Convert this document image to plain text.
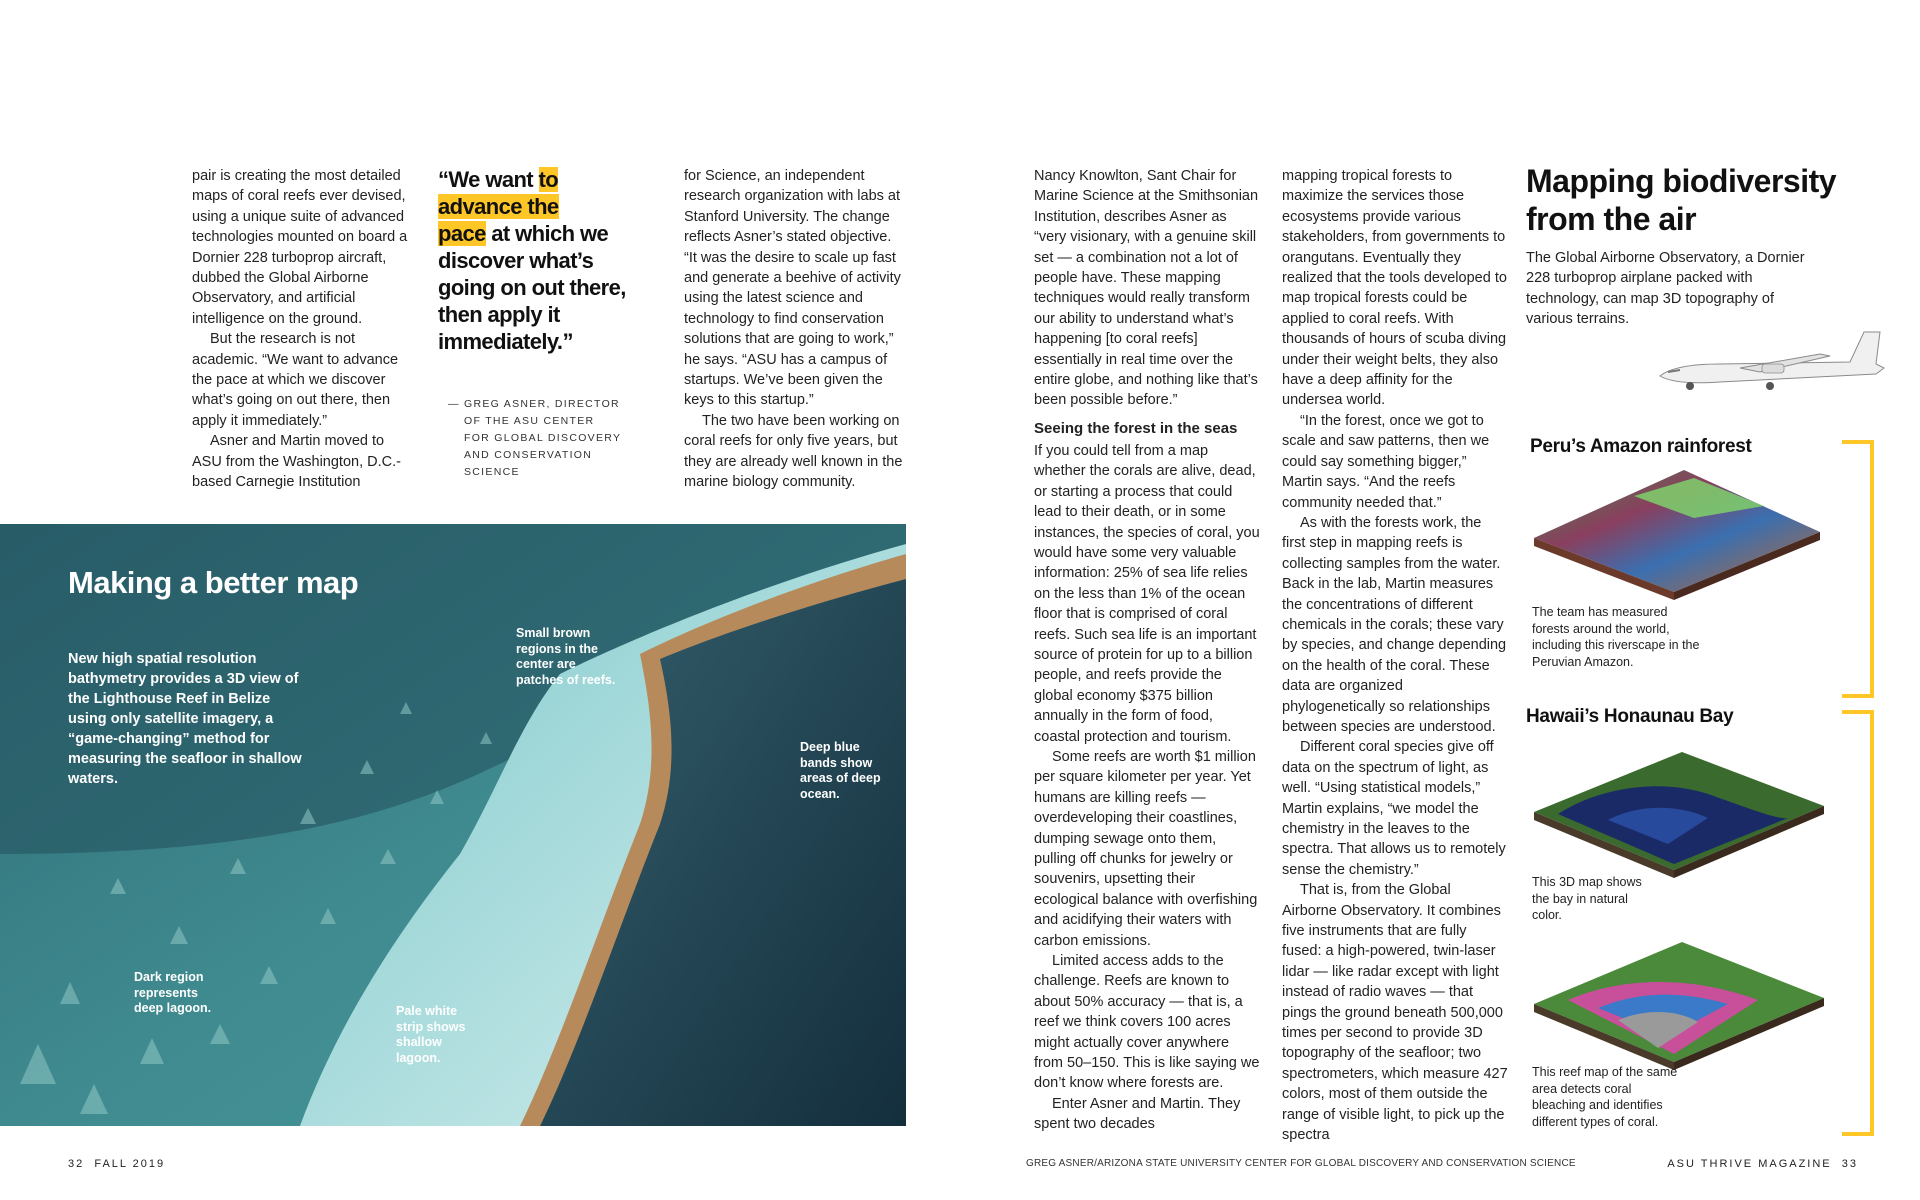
pair is creating the most detailed maps of coral reefs ever devised, using a unique suite of advanced technologies mounted on board a Dornier 228 turboprop aircraft, dubbed the Global Airborne Observatory, and artificial intelligence on the ground.

But the research is not academic. “We want to advance the pace at which we discover what’s going on out there, then apply it immediately.”

Asner and Martin moved to ASU from the Washington, D.C.-based Carnegie Institution

“We want to
advance the
pace at which we discover what’s going on out there, then apply it immediately.”
— GREG ASNER, DIRECTOR
OF THE ASU CENTER
FOR GLOBAL DISCOVERY
AND CONSERVATION
SCIENCE

for Science, an independent research organization with labs at Stanford University. The change reflects Asner’s stated objective. “It was the desire to scale up fast and generate a beehive of activity using the latest science and technology to find conservation solutions that are going to work,” he says. “ASU has a campus of startups. We’ve been given the keys to this startup.”

The two have been working on coral reefs for only five years, but they are already well known in the marine biology community.

Making a better map
New high spatial resolution bathymetry provides a 3D view of the Lighthouse Reef in Belize using only satellite imagery, a “game-changing” method for measuring the seafloor in shallow waters.
Small brown regions in the center are patches of reefs.
Deep blue bands show areas of deep ocean.
Dark region represents deep lagoon.	Pale white strip shows shallow lagoon.

Nancy Knowlton, Sant Chair for Marine Science at the Smithsonian Institution, describes Asner as “very visionary, with a genuine skill set — a combination not a lot of people have. These mapping techniques would really transform our ability to understand what’s happening [to coral reefs] essentially in real time over the entire globe, and nothing like that’s been possible before.”

Seeing the forest in the seas

If you could tell from a map whether the corals are alive, dead, or starting a process that could lead to their death, or in some instances, the species of coral, you would have some very valuable information: 25% of sea life relies on the less than 1% of the ocean floor that is comprised of coral reefs. Such sea life is an important source of protein for up to a billion people, and reefs provide the global economy $375 billion annually in the form of food, coastal protection and tourism.

Some reefs are worth $1 million per square kilometer per year. Yet humans are killing reefs — overdeveloping their coastlines, dumping sewage onto them, pulling off chunks for jewelry or souvenirs, upsetting their ecological balance with overfishing and acidifying their waters with carbon emissions.

Limited access adds to the challenge. Reefs are known to about 50% accuracy — that is, a reef we think covers 100 acres might actually cover anywhere from 50–150. This is like saying we don’t know where forests are.

Enter Asner and Martin. They spent two decades

mapping tropical forests to maximize the services those ecosystems provide various stakeholders, from governments to orangutans. Eventually they realized that the tools developed to map tropical forests could be applied to coral reefs. With thousands of hours of scuba diving under their weight belts, they also have a deep affinity for the undersea world.

“In the forest, once we got to scale and saw patterns, then we could say something bigger,” Martin says. “And the reefs community needed that.”

As with the forests work, the first step in mapping reefs is collecting samples from the water. Back in the lab, Martin measures the concentrations of different chemicals in the corals; these vary by species, and change depending on the health of the coral. These data are organized phylogenetically so relationships between species are understood.

Different coral species give off data on the spectrum of light, as well. “Using statistical models,” Martin explains, “we model the chemistry in the leaves to the spectra. That allows us to remotely sense the chemistry.”

That is, from the Global Airborne Observatory. It combines five instruments that are fully fused: a high-powered, twin-laser lidar — like radar except with light instead of radio waves — that pings the ground beneath 500,000 times per second to provide 3D topography of the seafloor; two spectrometers, which measure 427 colors, most of them outside the range of visible light, to pick up the spectra

Mapping biodiversity from the air
The Global Airborne Observatory, a Dornier 228 turboprop airplane packed with technology, can map 3D topography of various terrains.
Peru’s Amazon rainforest
The team has measured forests around the world, including this riverscape in the Peruvian Amazon.
Hawaii’s Honaunau Bay
This 3D map shows the bay in natural color.
This reef map of the same area detects coral bleaching and identifies different types of coral.
32  FALL 2019	GREG ASNER/ARIZONA STATE UNIVERSITY CENTER FOR GLOBAL DISCOVERY AND CONSERVATION SCIENCE	ASU THRIVE MAGAZINE  33
